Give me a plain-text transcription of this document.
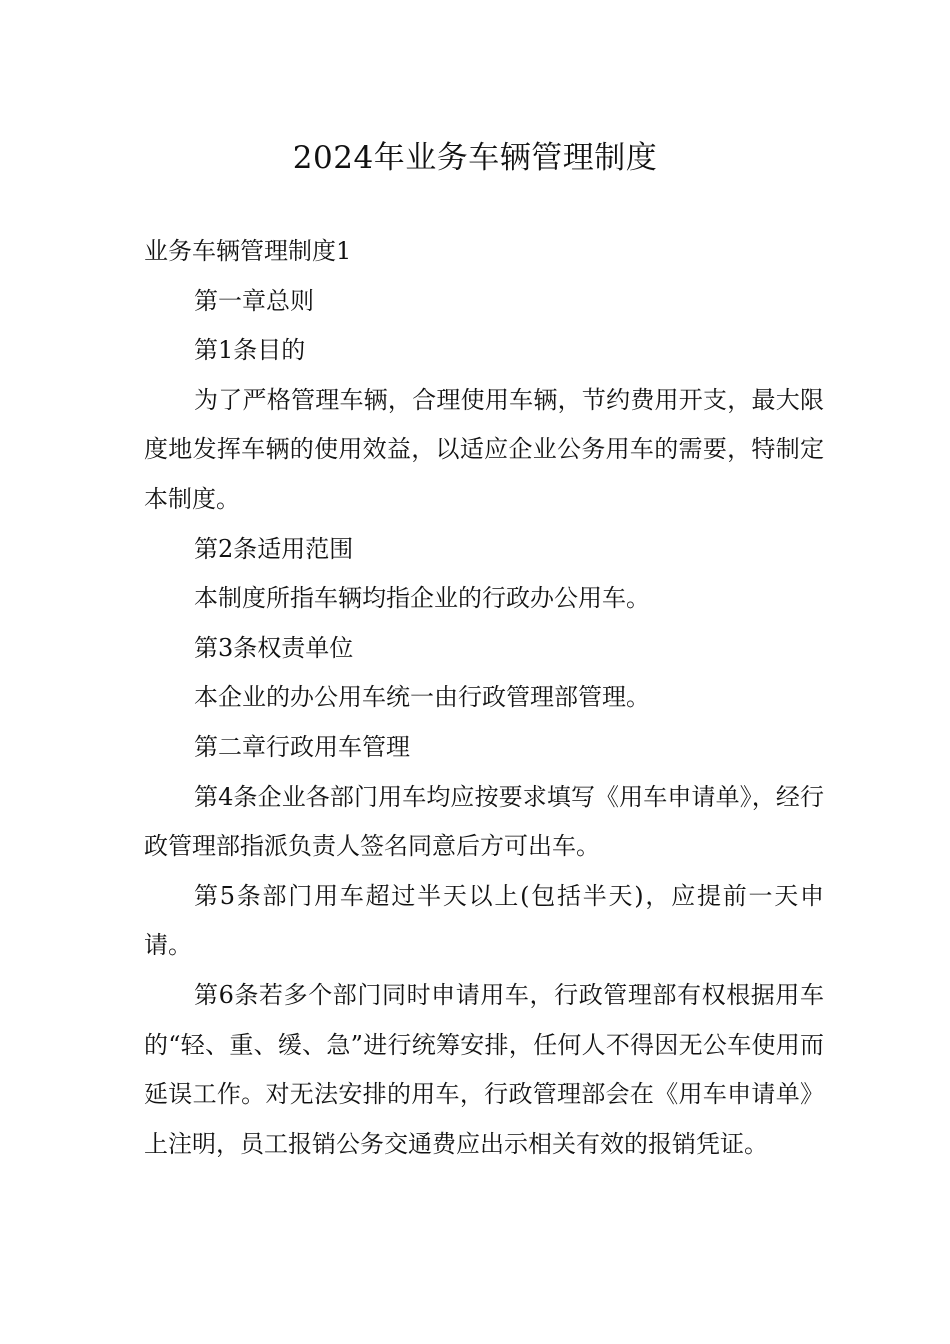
2024年业务车辆管理制度

业务车辆管理制度1

第一章总则

第1条目的

为了严格管理车辆，合理使用车辆，节约费用开支，最大限度地发挥车辆的使用效益，以适应企业公务用车的需要，特制定本制度。

第2条适用范围

本制度所指车辆均指企业的行政办公用车。

第3条权责单位

本企业的办公用车统一由行政管理部管理。

第二章行政用车管理

第4条企业各部门用车均应按要求填写《用车申请单》，经行政管理部指派负责人签名同意后方可出车。

第5条部门用车超过半天以上(包括半天)，应提前一天申请。

第6条若多个部门同时申请用车，行政管理部有权根据用车的“轻、重、缓、急”进行统筹安排，任何人不得因无公车使用而延误工作。对无法安排的用车，行政管理部会在《用车申请单》上注明，员工报销公务交通费应出示相关有效的报销凭证。
